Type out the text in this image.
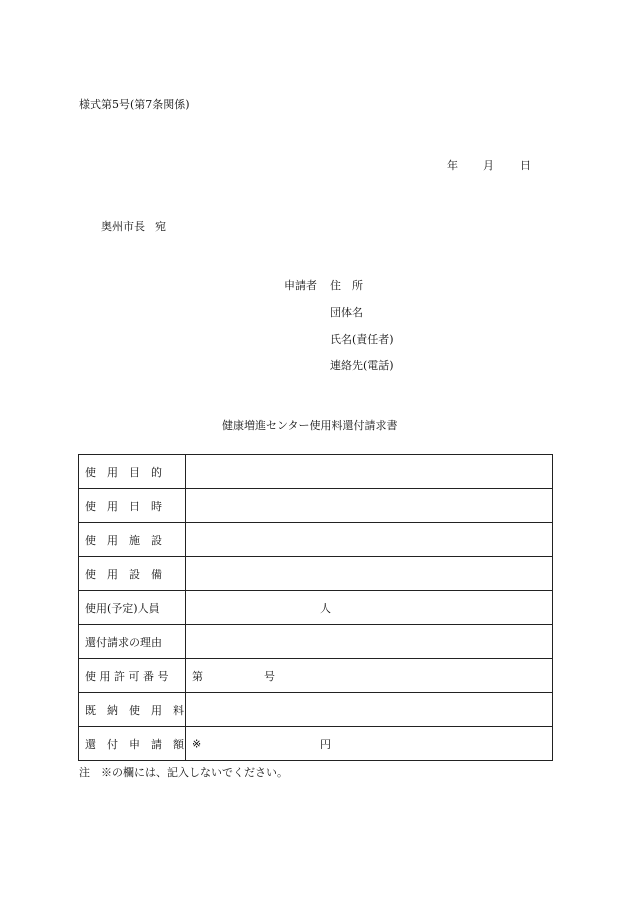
様式第5号(第7条関係)
年 月 日
奥州市長 宛
申請者 住　所
団体名
氏名(責任者)
連絡先(電話)
健康増進センター使用料還付請求書
使　用　目　的	

使　用　日　時	

使　用　施　設	

使　用　設　備	

使用(予定)人員	人

還付請求の理由	

使 用 許 可 番 号	第 号

既　納　使　用　料	

還　付　申　請　額	※ 円
注　※の欄には、記入しないでください。
